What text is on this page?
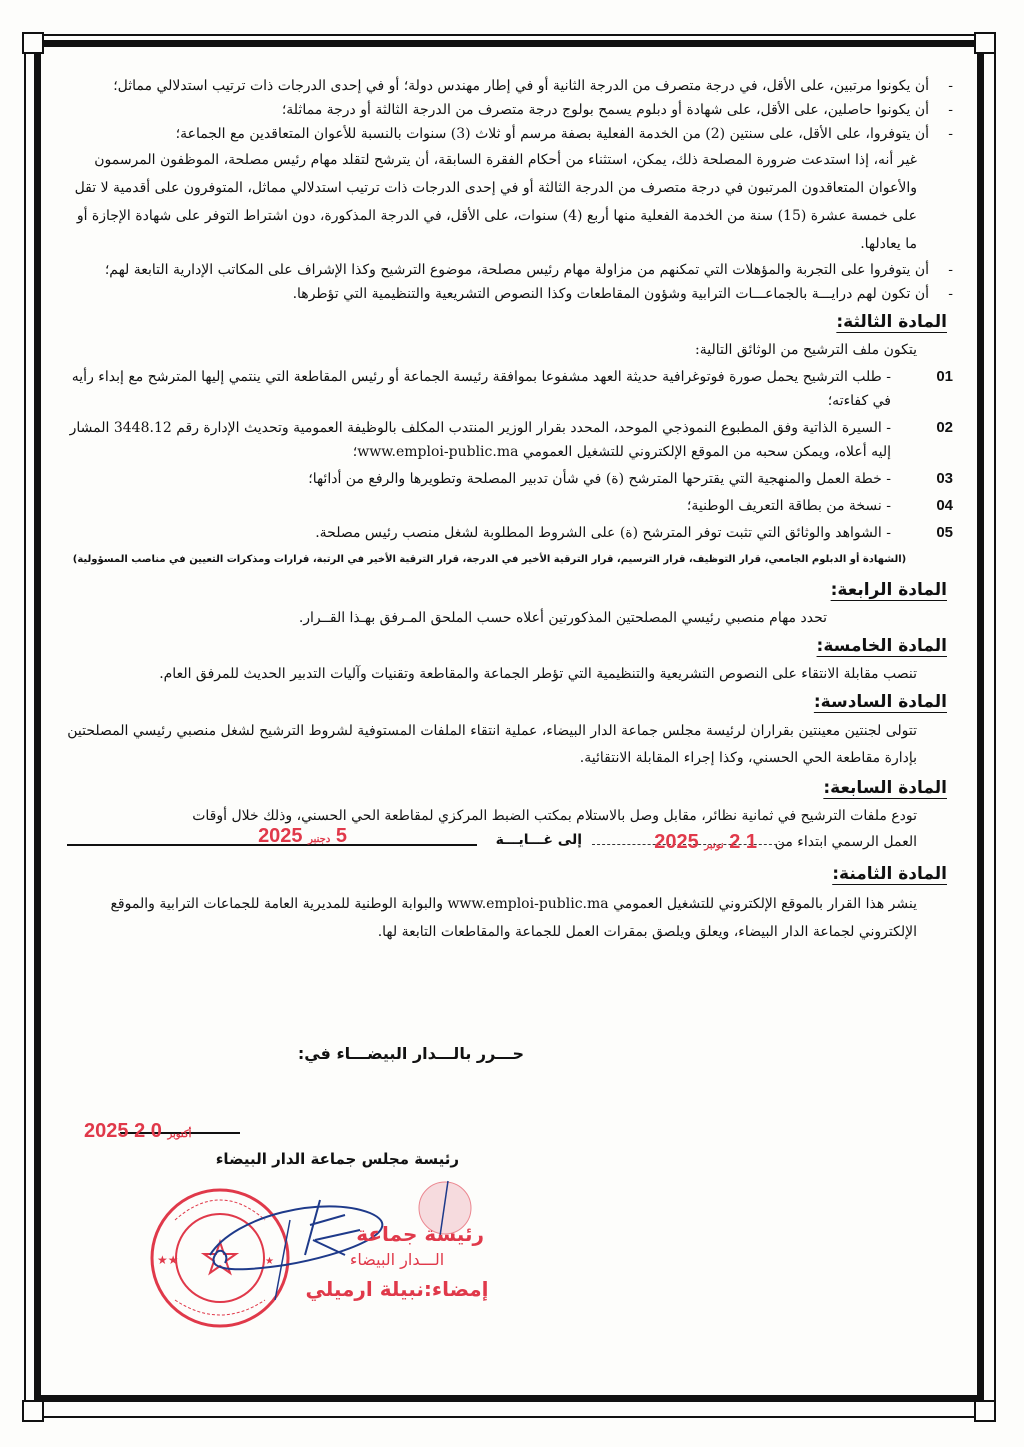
- أن يكونوا مرتبين، على الأقل، في درجة متصرف من الدرجة الثانية أو في إطار مهندس دولة؛ أو في إحدى الدرجات ذات ترتيب استدلالي مماثل؛

- أن يكونوا حاصلين، على الأقل، على شهادة أو دبلوم يسمح بولوج درجة متصرف من الدرجة الثالثة أو درجة مماثلة؛

- أن يتوفروا، على الأقل، على سنتين (2) من الخدمة الفعلية بصفة مرسم أو ثلاث (3) سنوات بالنسبة للأعوان المتعاقدين مع الجماعة؛

غير أنه، إذا استدعت ضرورة المصلحة ذلك، يمكن، استثناء من أحكام الفقرة السابقة، أن يترشح لتقلد مهام رئيس مصلحة، الموظفون المرسمون والأعوان المتعاقدون المرتبون في درجة متصرف من الدرجة الثالثة أو في إحدى الدرجات ذات ترتيب استدلالي مماثل، المتوفرون على أقدمية لا تقل على خمسة عشرة (15) سنة من الخدمة الفعلية منها أربع (4) سنوات، على الأقل، في الدرجة المذكورة، دون اشتراط التوفر على شهادة الإجازة أو ما يعادلها.

- أن يتوفروا على التجربة والمؤهلات التي تمكنهم من مزاولة مهام رئيس مصلحة، موضوع الترشيح وكذا الإشراف على المكاتب الإدارية التابعة لهم؛

- أن تكون لهم درايـــة بالجماعـــات الترابية وشؤون المقاطعات وكذا النصوص التشريعية والتنظيمية التي تؤطرها.

المادة الثالثة:

يتكون ملف الترشيح من الوثائق التالية:

01
- طلب الترشيح يحمل صورة فوتوغرافية حديثة العهد مشفوعا بموافقة رئيسة الجماعة أو رئيس المقاطعة التي ينتمي إليها المترشح مع إبداء رأيه في كفاءته؛
02
- السيرة الذاتية وفق المطبوع النموذجي الموحد، المحدد بقرار الوزير المنتدب المكلف بالوظيفة العمومية وتحديث الإدارة رقم 3448.12 المشار إليه أعلاه، ويمكن سحبه من الموقع الإلكتروني للتشغيل العمومي www.emploi-public.ma؛
03
- خطة العمل والمنهجية التي يقترحها المترشح (ة) في شأن تدبير المصلحة وتطويرها والرفع من أدائها؛
04
- نسخة من بطاقة التعريف الوطنية؛
05
- الشواهد والوثائق التي تثبت توفر المترشح (ة) على الشروط المطلوبة لشغل منصب رئيس مصلحة.
(الشهادة أو الدبلوم الجامعي، قرار التوظيف، قرار الترسيم، قرار الترقية الأخير في الدرجة، قرار الترقية الأخير في الرتبة، قرارات ومذكرات التعيين في مناصب المسؤولية)
المادة الرابعة:

تحدد مهام منصبي رئيسي المصلحتين المذكورتين أعلاه حسب الملحق المـرفق بهـذا القــرار.

المادة الخامسة:

تنصب مقابلة الانتقاء على النصوص التشريعية والتنظيمية التي تؤطر الجماعة والمقاطعة وتقنيات وآليات التدبير الحديث للمرفق العام.

المادة السادسة:

تتولى لجنتين معينتين بقراران لرئيسة مجلس جماعة الدار البيضاء، عملية انتقاء الملفات المستوفية لشروط الترشيح لشغل منصبي رئيسي المصلحتين بإدارة مقاطعة الحي الحسني، وكذا إجراء المقابلة الانتقائية.

المادة السابعة:

تودع ملفات الترشيح في ثمانية نظائر، مقابل وصل بالاستلام بمكتب الضبط المركزي لمقاطعة الحي الحسني، وذلك خلال أوقات

العمل الرسمي ابتداء من
1 2 نونبر 2025
إلى غـــايـــة
5 دجنبر 2025
المادة الثامنة:

ينشر هذا القرار بالموقع الإلكتروني للتشغيل العمومي www.emploi-public.ma والبوابة الوطنية للمديرية العامة للجماعات الترابية والموقع الإلكتروني لجماعة الدار البيضاء، ويعلق ويلصق بمقرات العمل للجماعة والمقاطعات التابعة لها.

حـــرر بالـــدار البيضـــاء في:
2025	أكتوبر 0 2
رئيسة مجلس جماعة الدار البيضاء
★★	★
رئيسة جماعة
الـــدار البيضاء
إمضاء:نبيلة ارميلي
